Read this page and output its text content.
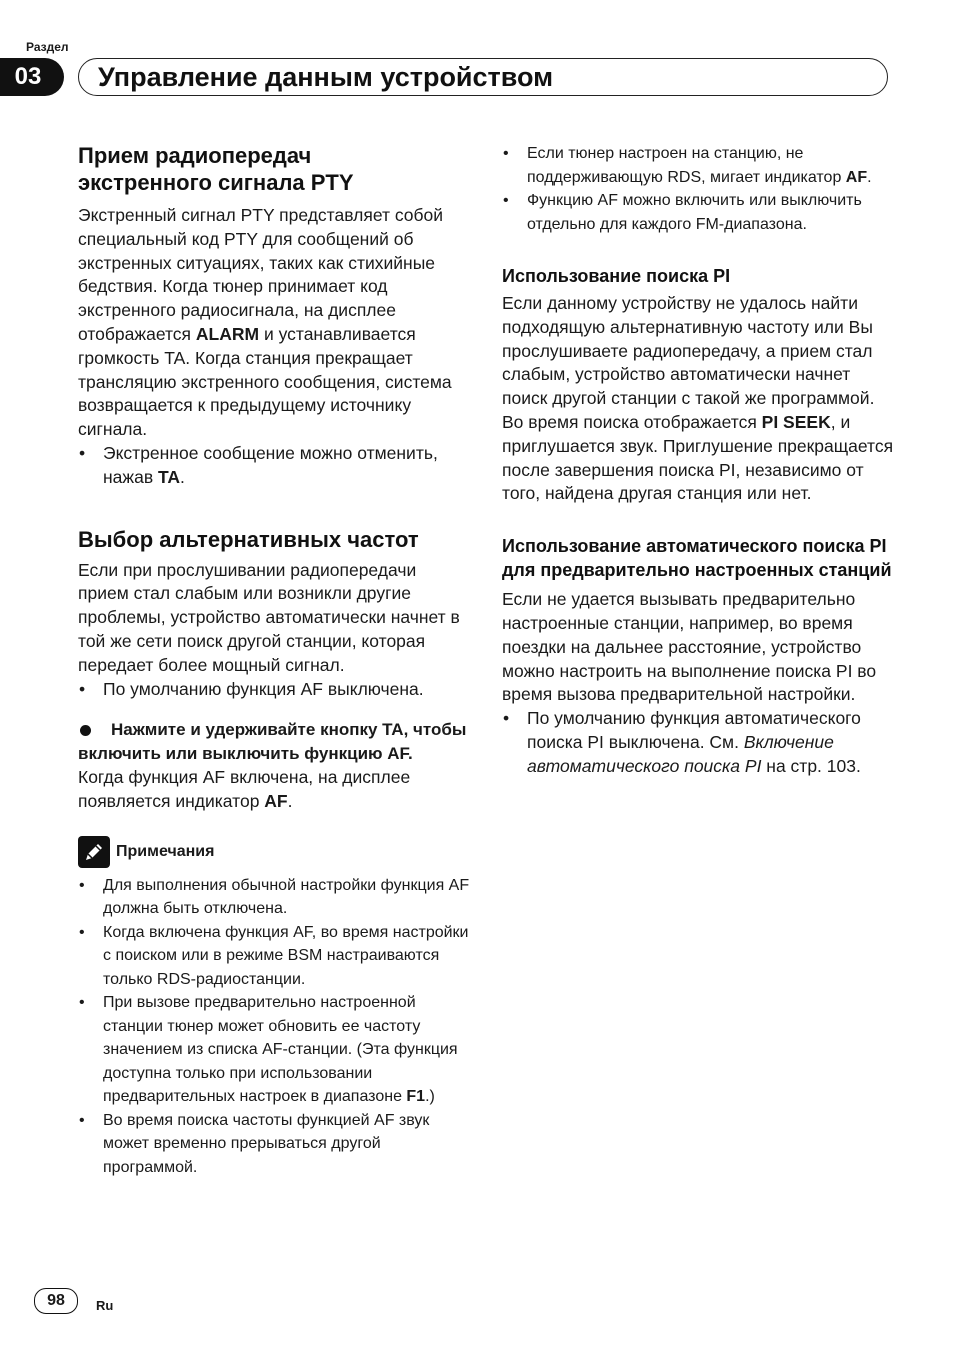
Раздел
03	Управление данным устройством
Прием радиопередач экстренного сигнала PTY

Экстренный сигнал PTY представляет собой специальный код PTY для сообщений об экстренных ситуациях, таких как стихийные бедствия. Когда тюнер принимает код экстренного радиосигнала, на дисплее отображается ALARM и устанавливается громкость TA. Когда станция прекращает трансляцию экстренного сообщения, система возвращается к предыдущему источнику сигнала.

• Экстренное сообщение можно отменить, нажав TA.
Выбор альтернативных частот

Если при прослушивании радиопередачи прием стал слабым или возникли другие проблемы, устройство автоматически начнет в той же сети поиск другой станции, которая передает более мощный сигнал.

• По умолчанию функция AF выключена.
Нажмите и удерживайте кнопку TA, чтобы включить или выключить функцию AF.

Когда функция AF включена, на дисплее появляется индикатор AF.

Примечания
• Для выполнения обычной настройки функция AF должна быть отключена.
• Когда включена функция AF, во время настройки с поиском или в режиме BSM настраиваются только RDS-радиостанции.
• При вызове предварительно настроенной станции тюнер может обновить ее частоту значением из списка AF-станции. (Эта функция доступна только при использовании предварительных настроек в диапазоне F1.)
• Во время поиска частоты функцией AF звук может временно прерываться другой программой.
• Если тюнер настроен на станцию, не поддерживающую RDS, мигает индикатор AF.
• Функцию AF можно включить или выключить отдельно для каждого FM-диапазона.
Использование поиска PI

Если данному устройству не удалось найти подходящую альтернативную частоту или Вы прослушиваете радиопередачу, а прием стал слабым, устройство автоматически начнет поиск другой станции с такой же программой. Во время поиска отображается PI SEEK, и приглушается звук. Приглушение прекращается после завершения поиска PI, независимо от того, найдена другая станция или нет.

Использование автоматического поиска PI для предварительно настроенных станций

Если не удается вызывать предварительно настроенные станции, например, во время поездки на дальнее расстояние, устройство можно настроить на выполнение поиска PI во время вызова предварительной настройки.

• По умолчанию функция автоматического поиска PI выключена. См. Включение автоматического поиска PI на стр. 103.
98	Ru
